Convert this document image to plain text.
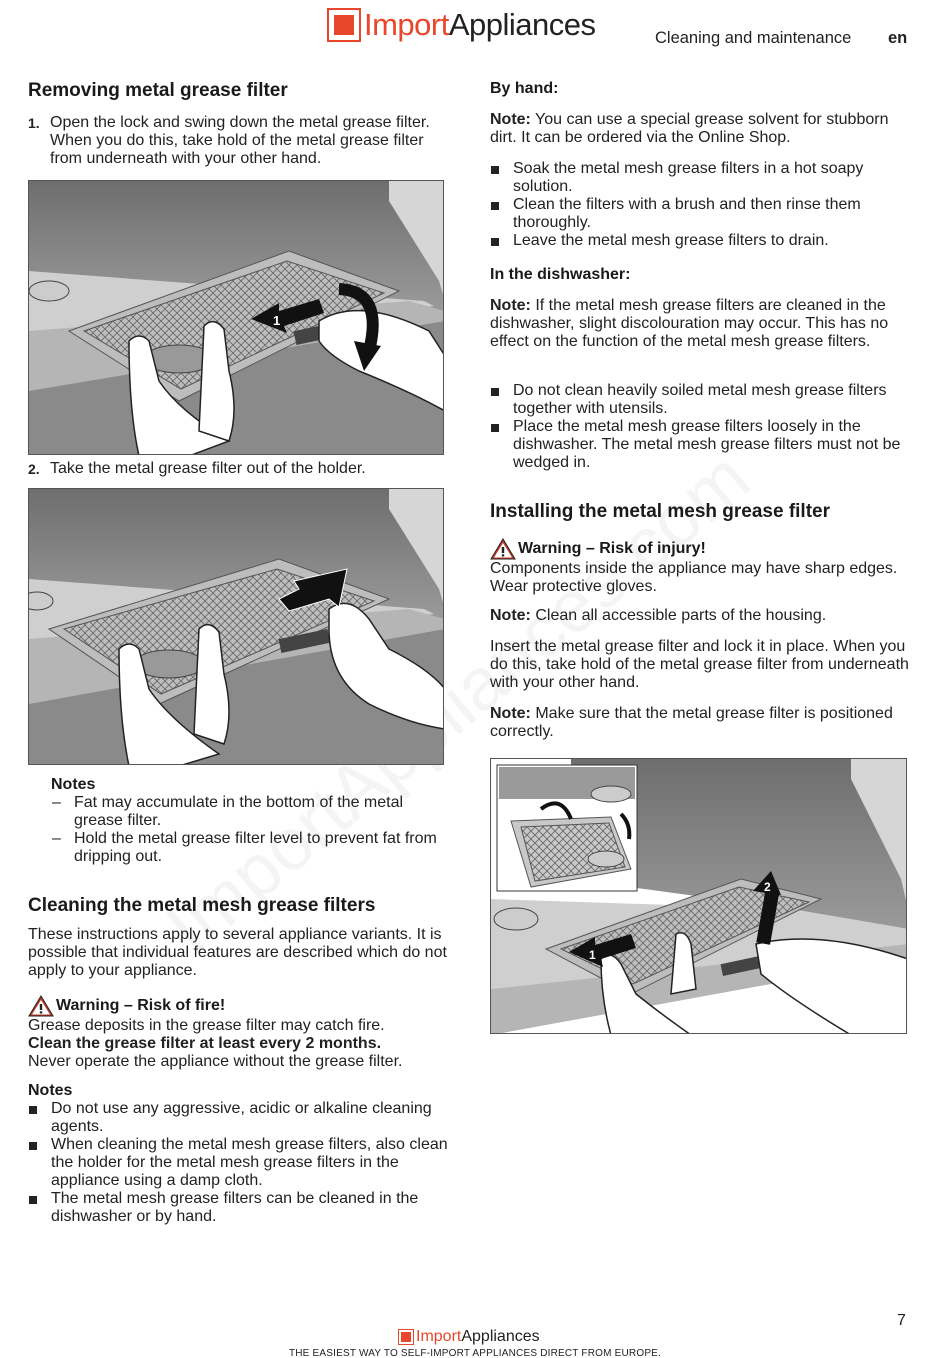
Import Appliances	Cleaning and maintenance en
Removing metal grease filter
1. Open the lock and swing down the metal grease filter. When you do this, take hold of the metal grease filter from underneath with your other hand.
1
2
2. Take the metal grease filter out of the holder.
Notes
– Fat may accumulate in the bottom of the metal grease filter.
– Hold the metal grease filter level to prevent fat from dripping out.
Cleaning the metal mesh grease filters

These instructions apply to several appliance variants. It is possible that individual features are described which do not apply to your appliance.

Warning – Risk of fire!

Grease deposits in the grease filter may catch fire.

Clean the grease filter at least every 2 months.

Never operate the appliance without the grease filter.

Notes
Do not use any aggressive, acidic or alkaline cleaning agents.
When cleaning the metal mesh grease filters, also clean the holder for the metal mesh grease filters in the appliance using a damp cloth.
The metal mesh grease filters can be cleaned in the dishwasher or by hand.
By hand:

Note: You can use a special grease solvent for stubborn dirt. It can be ordered via the Online Shop.

Soak the metal mesh grease filters in a hot soapy solution.
Clean the filters with a brush and then rinse them thoroughly.
Leave the metal mesh grease filters to drain.
In the dishwasher:

Note: If the metal mesh grease filters are cleaned in the dishwasher, slight discolouration may occur. This has no effect on the function of the metal mesh grease filters.

Do not clean heavily soiled metal mesh grease filters together with utensils.
Place the metal mesh grease filters loosely in the dishwasher. The metal mesh grease filters must not be wedged in.
Installing the metal mesh grease filter
Warning – Risk of injury!

Components inside the appliance may have sharp edges. Wear protective gloves.

Note: Clean all accessible parts of the housing.

Insert the metal grease filter and lock it in place. When you do this, take hold of the metal grease filter from underneath with your other hand.

Note: Make sure that the metal grease filter is positioned correctly.

1
2
7
Import Appliances
THE EASIEST WAY TO SELF-IMPORT APPLIANCES DIRECT FROM EUROPE.
